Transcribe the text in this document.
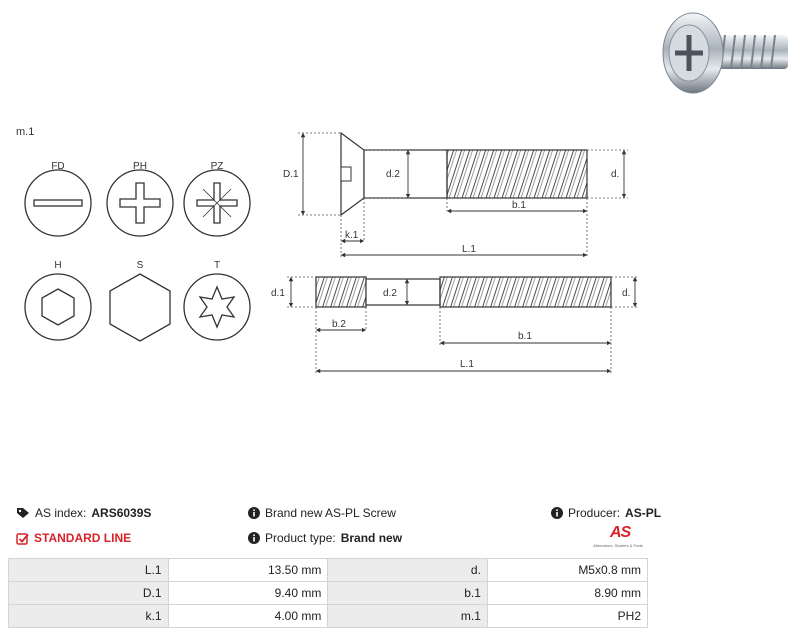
m.1
FD	PH	PZ
H	S	T
D.1	d.2	d.
b.1
k.1
L.1
d.1	d.2	d.
b.2
b.1
L.1
AS index: ARS6039S
STANDARD LINE
Brand new AS-PL Screw
Product type: Brand new
Producer: AS-PL
AS
Alternators, Starters & Parts
L.1	13.50 mm	d.	M5x0.8 mm
D.1	9.40 mm	b.1	8.90 mm
k.1	4.00 mm	m.1	PH2
